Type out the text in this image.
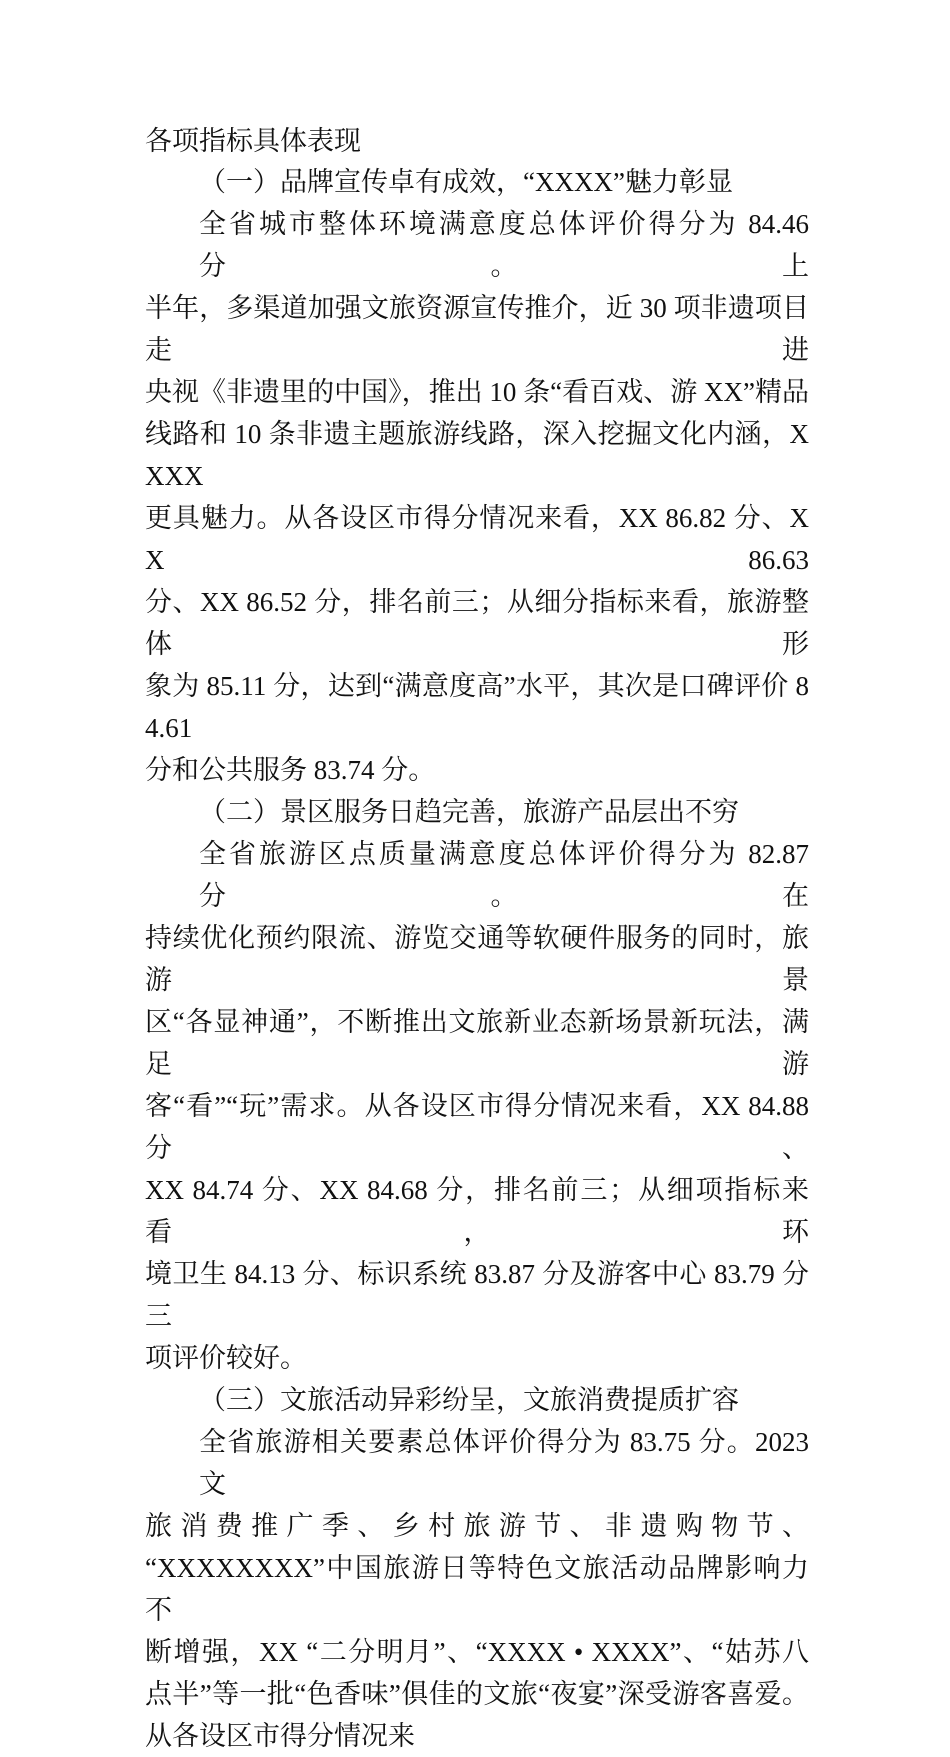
各项指标具体表现
（一）品牌宣传卓有成效，“XXXX”魅力彰显
全省城市整体环境满意度总体评价得分为 84.46 分。上
半年，多渠道加强文旅资源宣传推介，近 30 项非遗项目走进
央视《非遗里的中国》，推出 10 条“看百戏、游 XX”精品
线路和 10 条非遗主题旅游线路，深入挖掘文化内涵，XXXX
更具魅力。从各设区市得分情况来看，XX 86.82 分、XX 86.63
分、XX 86.52 分，排名前三；从细分指标来看，旅游整体形
象为 85.11 分，达到“满意度高”水平，其次是口碑评价 84.61
分和公共服务 83.74 分。
（二）景区服务日趋完善，旅游产品层出不穷
全省旅游区点质量满意度总体评价得分为 82.87 分。在
持续优化预约限流、游览交通等软硬件服务的同时，旅游景
区“各显神通”，不断推出文旅新业态新场景新玩法，满足游
客“看”“玩”需求。从各设区市得分情况来看，XX 84.88 分、
XX 84.74 分、XX 84.68 分，排名前三；从细项指标来看，环
境卫生 84.13 分、标识系统 83.87 分及游客中心 83.79 分三
项评价较好。
（三）文旅活动异彩纷呈，文旅消费提质扩容
全省旅游相关要素总体评价得分为 83.75 分。2023 文
旅 消 费 推 广 季 、 乡 村 旅 游 节 、 非 遗 购 物 节 、
“XXXXXXXX”中国旅游日等特色文旅活动品牌影响力不
断增强，XX “二分明月”、“XXXX • XXXX”、“姑苏八
点半”等一批“色香味”俱佳的文旅“夜宴”深受游客喜爱。
从各设区市得分情况来
